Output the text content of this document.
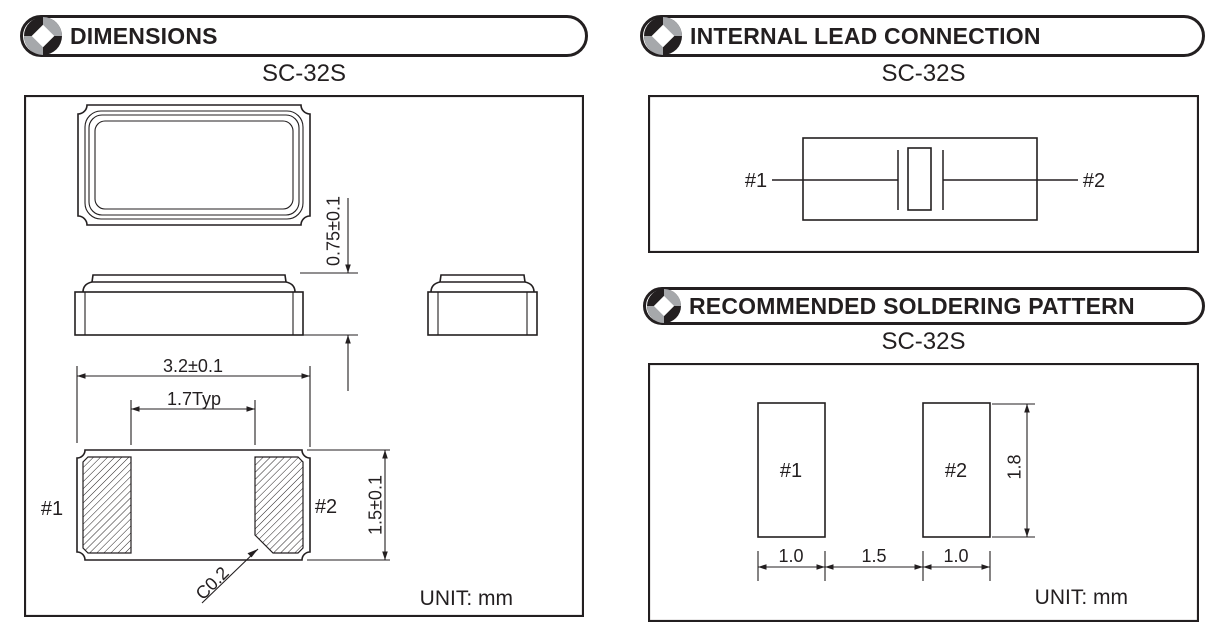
DIMENSIONS	INTERNAL LEAD CONNECTION
RECOMMENDED SOLDERING PATTERN
SC-32S	SC-32S
SC-32S
0.75±0.1
#1	#2
3.2±0.1
1.7Typ
1.5±0.1
C0.2	UNIT: mm
#1	#2
#1	#2 1.8
1.0	1.5	1.0
UNIT: mm
